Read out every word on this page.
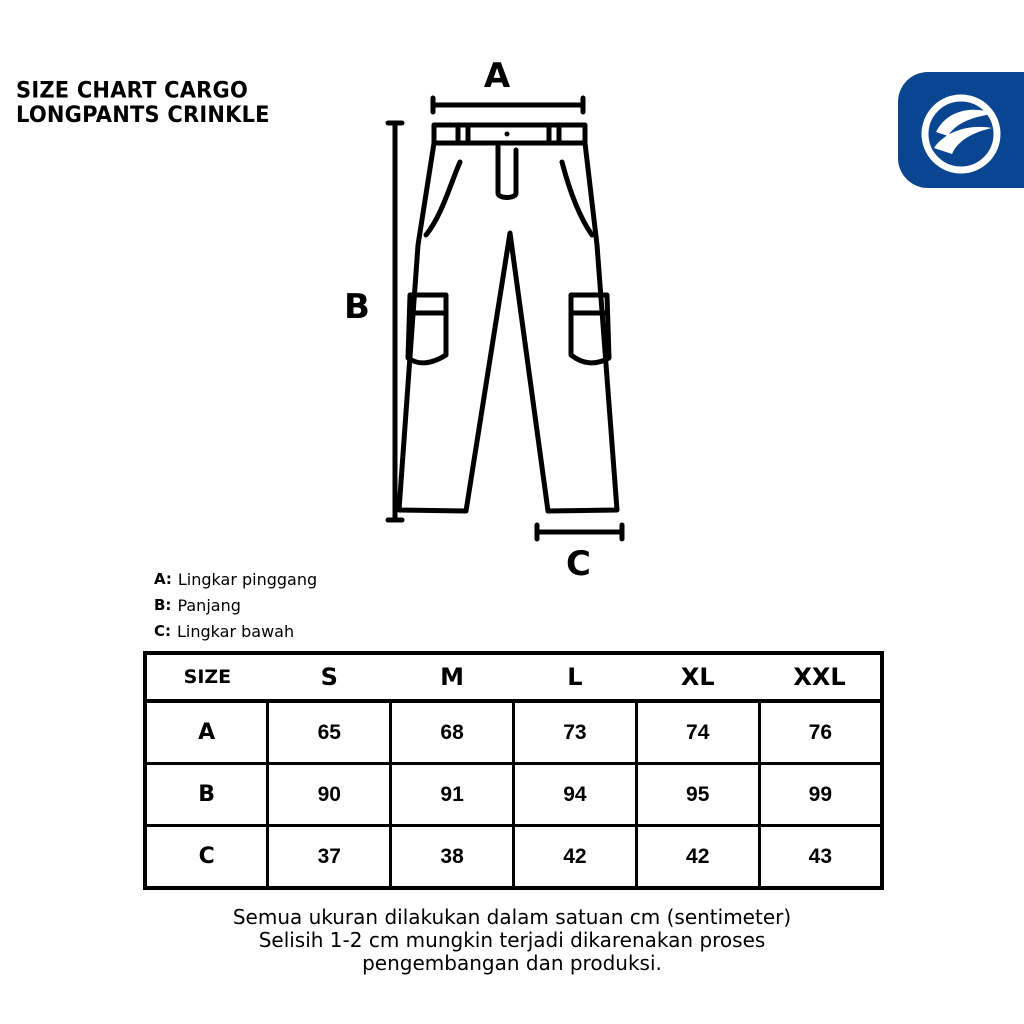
SIZE CHART CARGO
LONGPANTS CRINKLE
A
B
C
A: Lingkar pinggang
B: Panjang
C: Lingkar bawah
SIZE	S	M	L	XL	XXL
A	65	68	73	74	76
B	90	91	94	95	99
C	37	38	42	42	43
Semua ukuran dilakukan dalam satuan cm (sentimeter)
Selisih 1-2 cm mungkin terjadi dikarenakan proses
pengembangan dan produksi.
